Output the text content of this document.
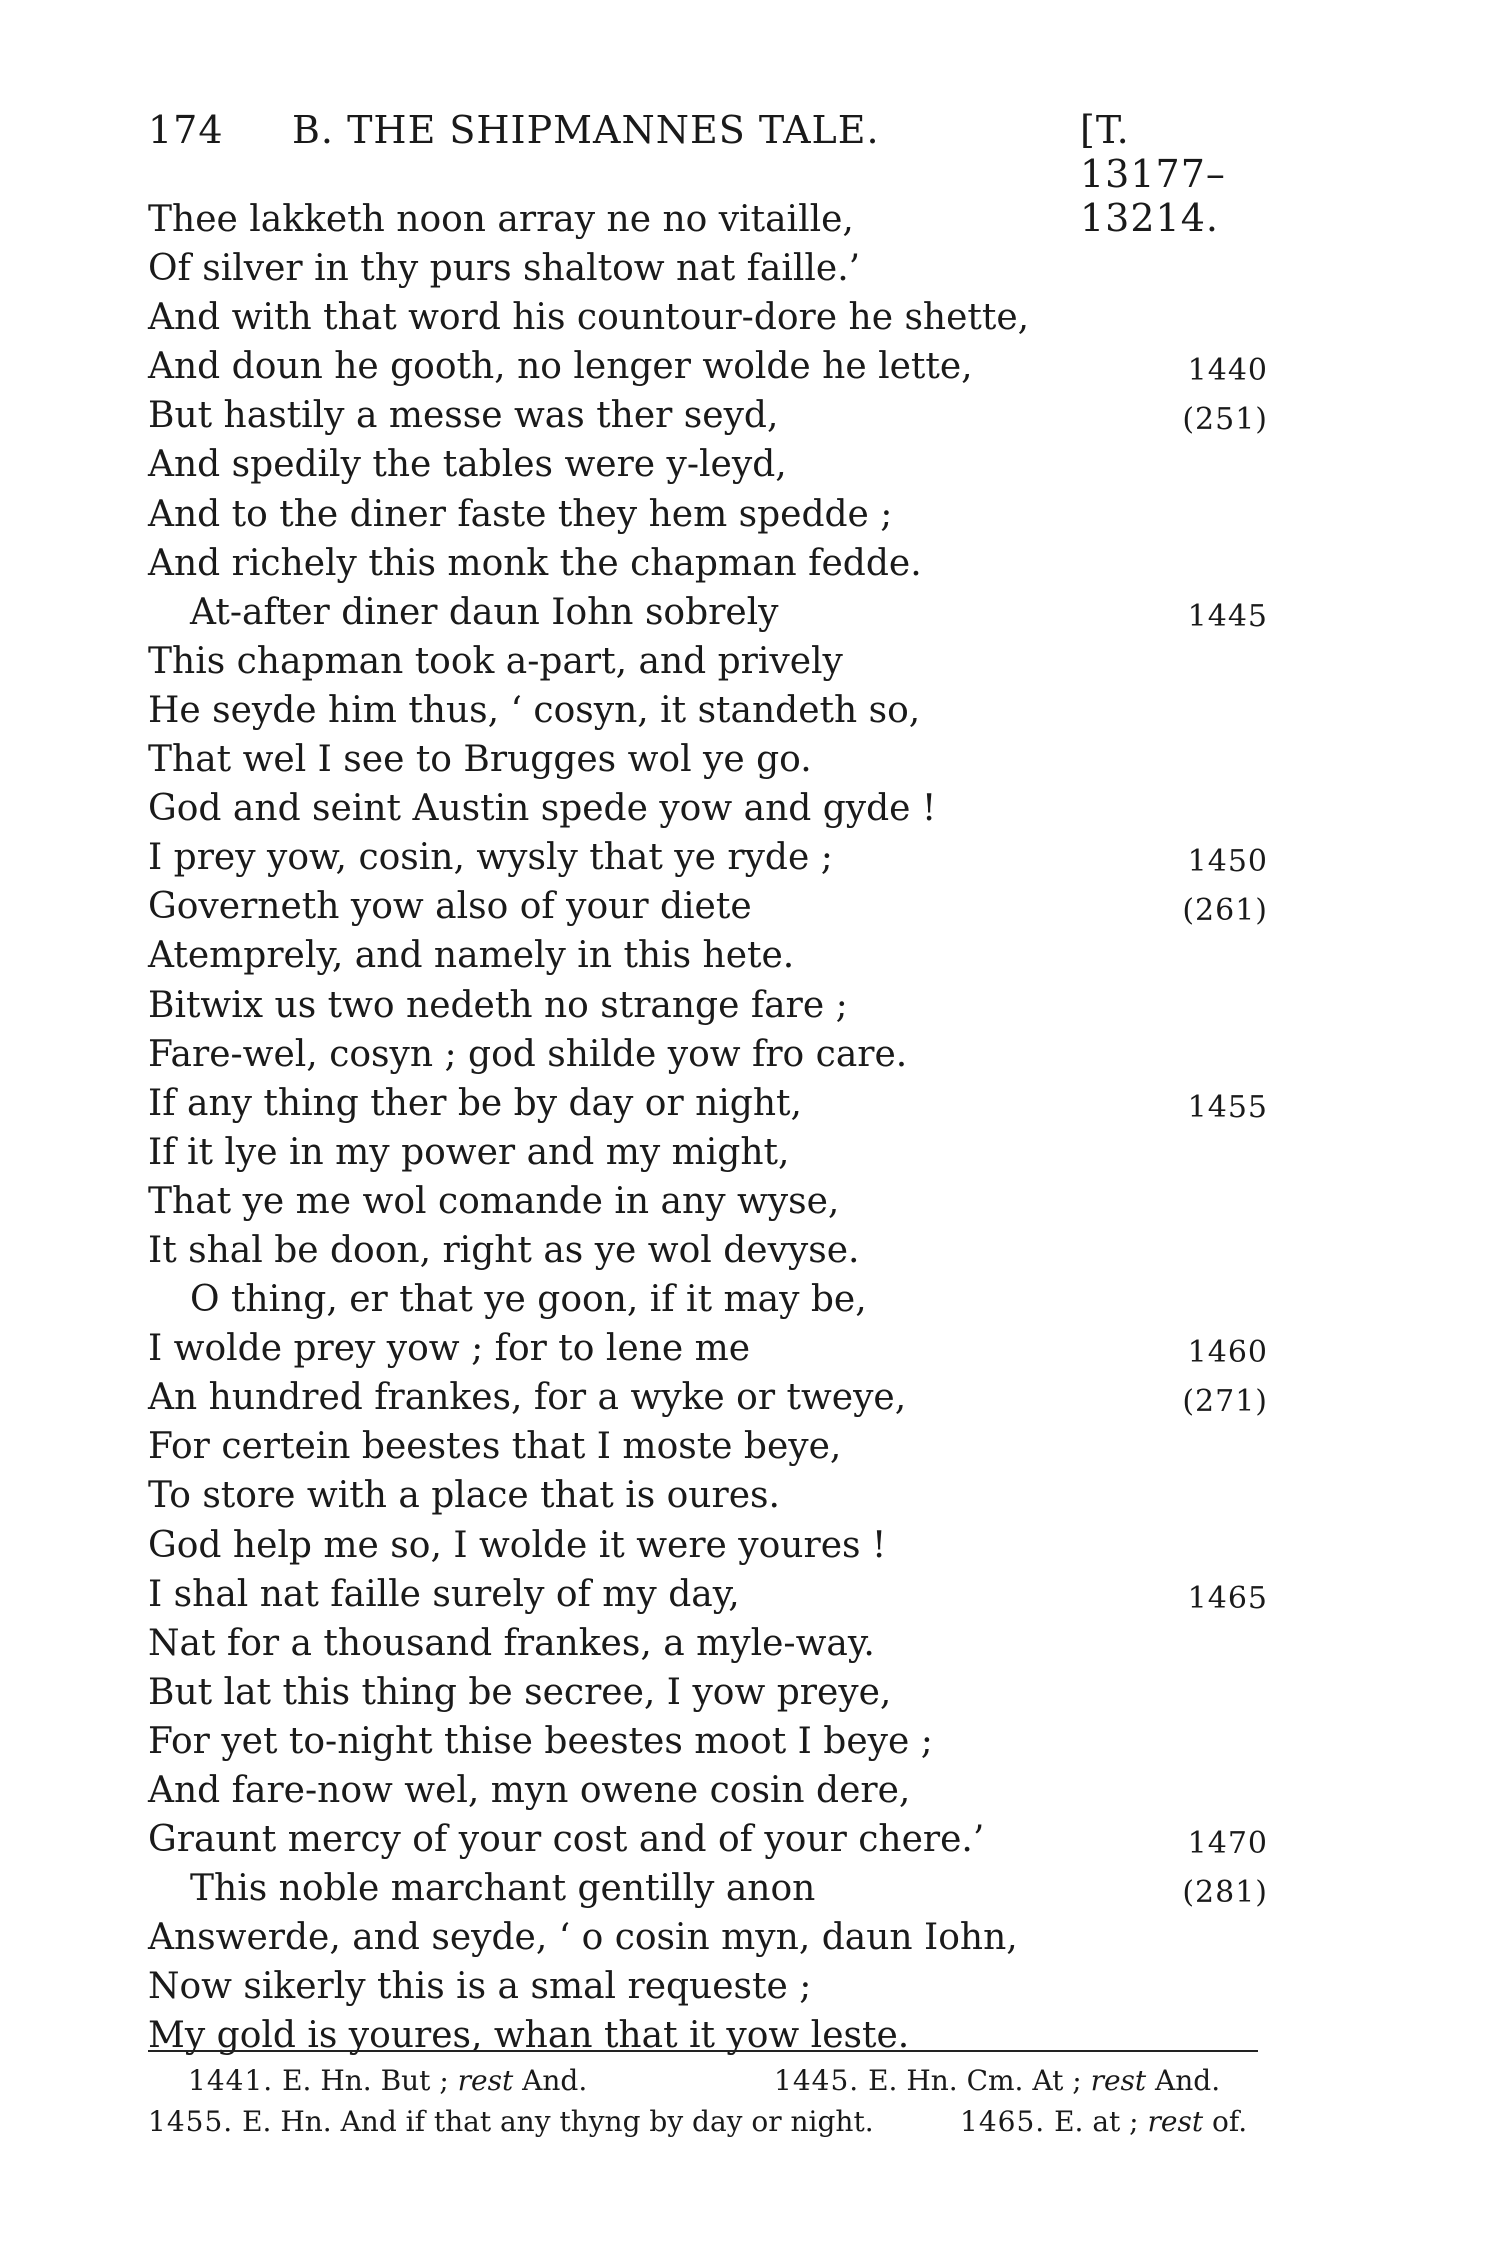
174 B. THE SHIPMANNES TALE.	[T. 13177–13214.
Thee lakketh noon array ne no vitaille,
Of silver in thy purs shaltow nat faille.’
And with that word his countour-dore he shette,
And doun he gooth, no lenger wolde he lette,	1440
But hastily a messe was ther seyd,	(251)
And spedily the tables were y-leyd,
And to the diner faste they hem spedde ;
And richely this monk the chapman fedde.
At-after diner daun Iohn sobrely	1445
This chapman took a-part, and prively
He seyde him thus, ‘ cosyn, it standeth so,
That wel I see to Brugges wol ye go.
God and seint Austin spede yow and gyde !
I prey yow, cosin, wysly that ye ryde ;	1450
Governeth yow also of your diete	(261)
Atemprely, and namely in this hete.
Bitwix us two nedeth no strange fare ;
Fare-wel, cosyn ; god shilde yow fro care.
If any thing ther be by day or night,	1455
If it lye in my power and my might,
That ye me wol comande in any wyse,
It shal be doon, right as ye wol devyse.
O thing, er that ye goon, if it may be,
I wolde prey yow ; for to lene me	1460
An hundred frankes, for a wyke or tweye,	(271)
For certein beestes that I moste beye,
To store with a place that is oures.
God help me so, I wolde it were youres !
I shal nat faille surely of my day,	1465
Nat for a thousand frankes, a myle-way.
But lat this thing be secree, I yow preye,
For yet to-night thise beestes moot I beye ;
And fare-now wel, myn owene cosin dere,
Graunt mercy of your cost and of your chere.’	1470
This noble marchant gentilly anon	(281)
Answerde, and seyde, ‘ o cosin myn, daun Iohn,
Now sikerly this is a smal requeste ;
My gold is youres, whan that it yow leste.
1441. E. Hn. But ; rest And.	1445. E. Hn. Cm. At ; rest And.
1455. E. Hn. And if that any thyng by day or night.	1465. E. at ; rest of.
